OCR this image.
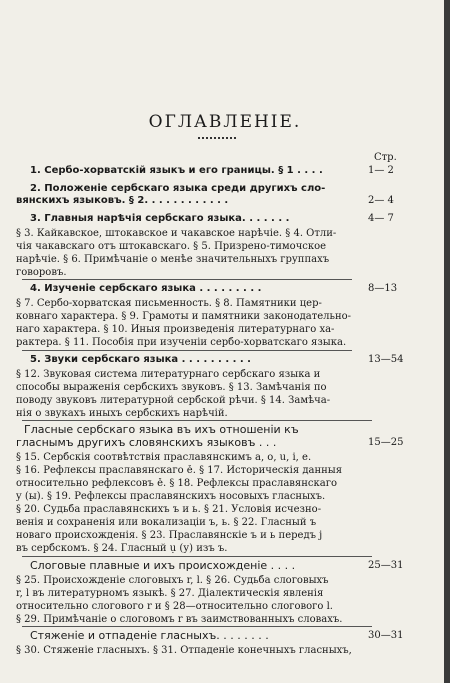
ОГЛАВЛЕНІЕ.
Стр.
1. Сербо-хорватскій языкъ и его границы. § 1 . . . .
2. Положеніе сербскаго языка среди другихъ сло-
вянскихъ языковъ. § 2. . . . . . . . . . . .
3. Главныя нарѣчія сербскаго языка. . . . . . .
§ 3. Кайкавское, штокавское и чакавское нарѣчіе. § 4. Отли-
чія чакавскаго отъ штокавскаго. § 5. Призрено-тимочское
нарѣчіе. § 6. Примѣчаніе о менѣе значительныхъ группахъ
говоровъ.
4. Изученіе сербскаго языка . . . . . . . . .
§ 7. Сербо-хорватская письменность. § 8. Памятники цер-
ковнаго характера. § 9. Грамоты и памятники законодательно-
наго характера. § 10. Иныя произведенія литературнаго ха-
рактера. § 11. Пособія при изученіи сербо-хорватскаго языка.
5. Звуки сербскаго языка . . . . . . . . . .
§ 12. Звуковая система литературнаго сербскаго языка и
способы выраженія сербскихъ звуковъ. § 13. Замѣчанія по
поводу звуковъ литературной сербской рѣчи. § 14. Замѣча-
нія о звукахъ иныхъ сербскихъ нарѣчій.
Гласные сербскаго языка въ ихъ отношеніи къ
гласнымъ другихъ словянскихъ языковъ . . .
§ 15. Сербскія соотвѣтствія праславянскимъ a, o, u, i, e.
§ 16. Рефлексы праславянскаго ě. § 17. Историческія данныя
относительно рефлексовъ ě. § 18. Рефлексы праславянскаго
y (ы). § 19. Рефлексы праславянскихъ носовыхъ гласныхъ.
§ 20. Судьба праславянскихъ ъ и ь. § 21. Условія исчезно-
венія и сохраненія или вокализаціи ъ, ь. § 22. Гласный ъ
новаго происхожденія. § 23. Праславянскіе ъ и ь передъ j
въ сербскомъ. § 24. Гласный ụ (у) изъ ъ.
Слоговые плавные и ихъ происхожденіе . . . .
§ 25. Происхожденіе слоговыхъ r, l. § 26. Судьба слоговыхъ
r, l въ литературномъ языкѣ. § 27. Діалектическія явленія
относительно слогового r и § 28—относительно слогового l.
§ 29. Примѣчаніе о слоговомъ r въ заимствованныхъ словахъ.
Стяженіе и отпаденіе гласныхъ. . . . . . . .
§ 30. Стяженіе гласныхъ. § 31. Отпаденіе конечныхъ гласныхъ,
1— 2
2— 4
4— 7
8—13
13—54
15—25
25—31
30—31
